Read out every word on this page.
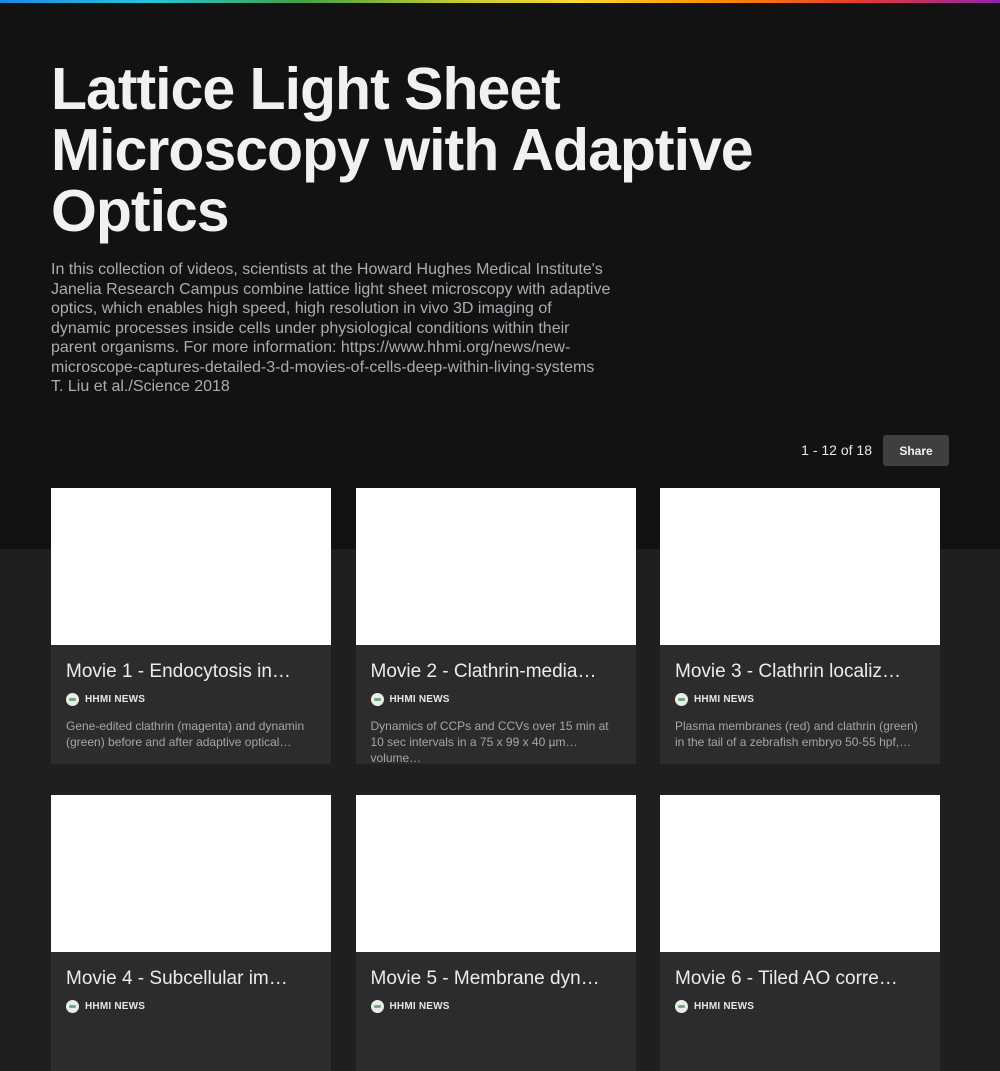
Lattice Light Sheet Microscopy with Adaptive Optics

In this collection of videos, scientists at the Howard Hughes Medical Institute's Janelia Research Campus combine lattice light sheet microscopy with adaptive optics, which enables high speed, high resolution in vivo 3D imaging of dynamic processes inside cells under physiological conditions within their parent organisms. For more information: https://www.hhmi.org/news/new-microscope-captures-detailed-3-d-movies-of-cells-deep-within-living-systems
T. Liu et al./Science 2018

1 - 12 of 18	Share
Movie 1 - Endocytosis in…
HHMI NEWS
Gene-edited clathrin (magenta) and dynamin (green) before and after adaptive optical…
Movie 2 - Clathrin-media…
HHMI NEWS
Dynamics of CCPs and CCVs over 15 min at 10 sec intervals in a 75 x 99 x 40 µm volume…
Movie 3 - Clathrin localiz…
HHMI NEWS
Plasma membranes (red) and clathrin (green) in the tail of a zebrafish embryo 50-55 hpf,…
Movie 4 - Subcellular im…
HHMI NEWS
Movie 5 - Membrane dyn…
HHMI NEWS
Movie 6 - Tiled AO corre…
HHMI NEWS
